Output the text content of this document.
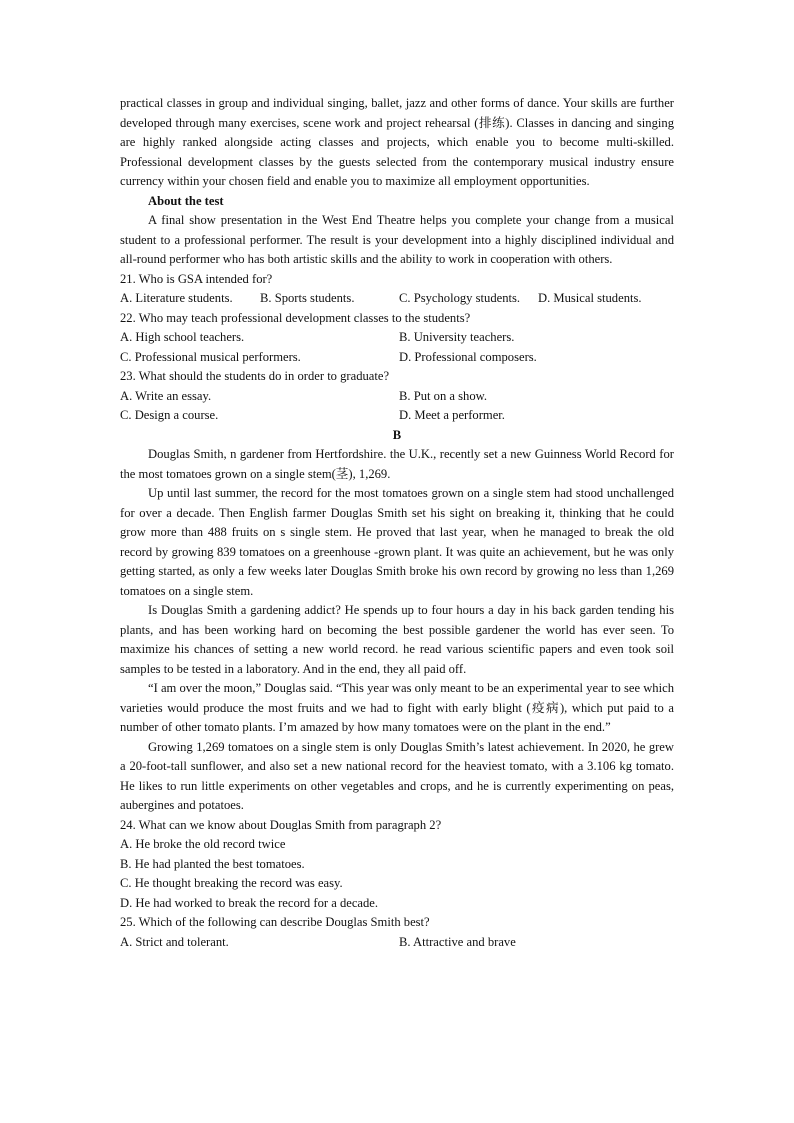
practical classes in group and individual singing, ballet, jazz and other forms of dance. Your skills are further developed through many exercises, scene work and project rehearsal (排练). Classes in dancing and singing are highly ranked alongside acting classes and projects, which enable you to become multi-skilled. Professional development classes by the guests selected from the contemporary musical industry ensure currency within your chosen field and enable you to maximize all employment opportunities.

About the test

A final show presentation in the West End Theatre helps you complete your change from a musical student to a professional performer. The result is your development into a highly disciplined individual and all-round performer who has both artistic skills and the ability to work in cooperation with others.

21. Who is GSA intended for?

A. Literature students.	B. Sports students.	C. Psychology students.	D. Musical students.

22. Who may teach professional development classes to the students?

A. High school teachers.	B. University teachers.

C. Professional musical performers.	D. Professional composers.

23. What should the students do in order to graduate?

A. Write an essay.	B. Put on a show.

C. Design a course.	D. Meet a performer.

B

Douglas Smith, n gardener from Hertfordshire. the U.K., recently set a new Guinness World Record for the most tomatoes grown on a single stem(茎), 1,269.

Up until last summer, the record for the most tomatoes grown on a single stem had stood unchallenged for over a decade. Then English farmer Douglas Smith set his sight on breaking it, thinking that he could grow more than 488 fruits on s single stem. He proved that last year, when he managed to break the old record by growing 839 tomatoes on a greenhouse -grown plant. It was quite an achievement, but he was only getting started, as only a few weeks later Douglas Smith broke his own record by growing no less than 1,269 tomatoes on a single stem.

Is Douglas Smith a gardening addict? He spends up to four hours a day in his back garden tending his plants, and has been working hard on becoming the best possible gardener the world has ever seen. To maximize his chances of setting a new world record. he read various scientific papers and even took soil samples to be tested in a laboratory. And in the end, they all paid off.

“I am over the moon,” Douglas said. “This year was only meant to be an experimental year to see which varieties would produce the most fruits and we had to fight with early blight (疫病), which put paid to a number of other tomato plants. I’m amazed by how many tomatoes were on the plant in the end.”

Growing 1,269 tomatoes on a single stem is only Douglas Smith’s latest achievement. In 2020, he grew a 20-foot-tall sunflower, and also set a new national record for the heaviest tomato, with a 3.106 kg tomato. He likes to run little experiments on other vegetables and crops, and he is currently experimenting on peas, aubergines and potatoes.

24. What can we know about Douglas Smith from paragraph 2?

A. He broke the old record twice

B. He had planted the best tomatoes.

C. He thought breaking the record was easy.

D. He had worked to break the record for a decade.

25. Which of the following can describe Douglas Smith best?

A. Strict and tolerant.	B. Attractive and brave
